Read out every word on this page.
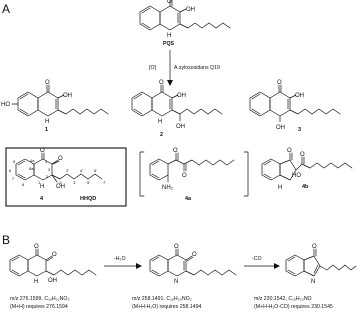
A
B
O
OH
H
PQS
[O]	A.xylosoxidans Q19
O
OH
HO
H
1
O
OH
H
OH
2
O
OH
OH 3
5
6
7
8
8a
4a	4
3
2
1	1'
2'
3'
4'
5'
6'
7'
O
O
OH
H
4	HHQD
O
O
NH₂
4a
O
O
HO
H	4b
O
O
OH
H
-H₂O
O
O
N
-CO
O
N
m/z 276.1599, C₁₆H₂₂NO₃
(M+H) requires 276.1594
m/z 258.1491, C₁₆H₂₀NO₂
(M+H-H₂O) requires 258.1494
m/z 230.1542, C₁₅H₂₀NO
(M+H-H₂O-CO) requires 230.1545
